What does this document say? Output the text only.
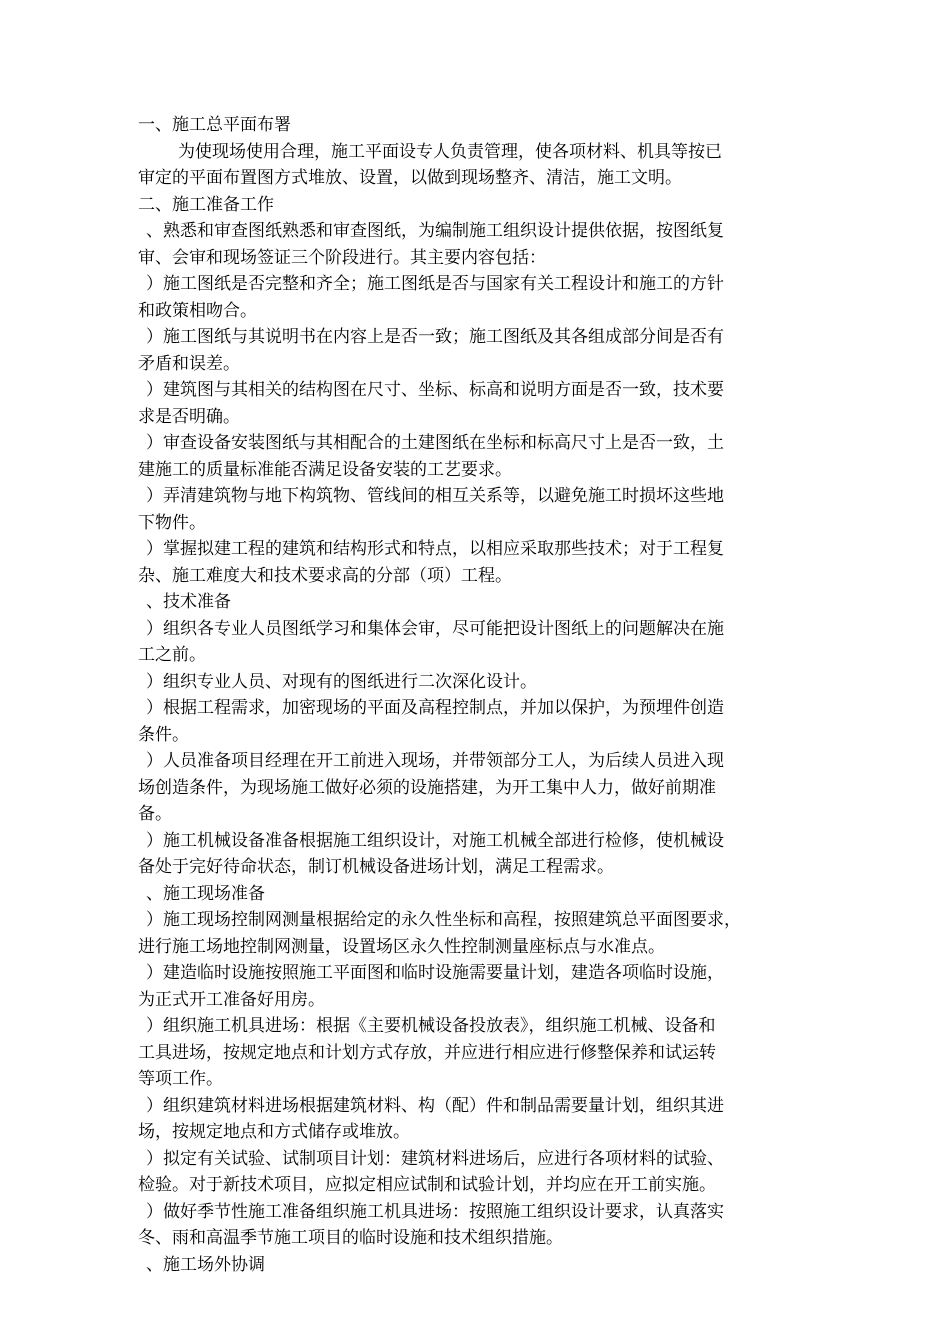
一、施工总平面布署
为使现场使用合理，施工平面设专人负责管理，使各项材料、机具等按已
审定的平面布置图方式堆放、设置，以做到现场整齐、清洁，施工文明。
二、施工准备工作
、熟悉和审查图纸熟悉和审查图纸，为编制施工组织设计提供依据，按图纸复
审、会审和现场签证三个阶段进行。其主要内容包括：
）施工图纸是否完整和齐全；施工图纸是否与国家有关工程设计和施工的方针
和政策相吻合。
）施工图纸与其说明书在内容上是否一致；施工图纸及其各组成部分间是否有
矛盾和误差。
）建筑图与其相关的结构图在尺寸、坐标、标高和说明方面是否一致，技术要
求是否明确。
）审查设备安装图纸与其相配合的土建图纸在坐标和标高尺寸上是否一致，土
建施工的质量标准能否满足设备安装的工艺要求。
）弄清建筑物与地下构筑物、管线间的相互关系等，以避免施工时损坏这些地
下物件。
）掌握拟建工程的建筑和结构形式和特点，以相应采取那些技术；对于工程复
杂、施工难度大和技术要求高的分部（项）工程。
、技术准备
）组织各专业人员图纸学习和集体会审，尽可能把设计图纸上的问题解决在施
工之前。
）组织专业人员、对现有的图纸进行二次深化设计。
）根据工程需求，加密现场的平面及高程控制点，并加以保护，为预埋件创造
条件。
）人员准备项目经理在开工前进入现场，并带领部分工人，为后续人员进入现
场创造条件，为现场施工做好必须的设施搭建，为开工集中人力，做好前期准
备。
）施工机械设备准备根据施工组织设计，对施工机械全部进行检修，使机械设
备处于完好待命状态，制订机械设备进场计划，满足工程需求。
、施工现场准备
）施工现场控制网测量根据给定的永久性坐标和高程，按照建筑总平面图要求，
进行施工场地控制网测量，设置场区永久性控制测量座标点与水准点。
）建造临时设施按照施工平面图和临时设施需要量计划，建造各项临时设施，
为正式开工准备好用房。
）组织施工机具进场：根据《主要机械设备投放表》，组织施工机械、设备和
工具进场，按规定地点和计划方式存放，并应进行相应进行修整保养和试运转
等项工作。
）组织建筑材料进场根据建筑材料、构（配）件和制品需要量计划，组织其进
场，按规定地点和方式储存或堆放。
）拟定有关试验、试制项目计划：建筑材料进场后，应进行各项材料的试验、
检验。对于新技术项目，应拟定相应试制和试验计划，并均应在开工前实施。
）做好季节性施工准备组织施工机具进场：按照施工组织设计要求，认真落实
冬、雨和高温季节施工项目的临时设施和技术组织措施。
、施工场外协调
